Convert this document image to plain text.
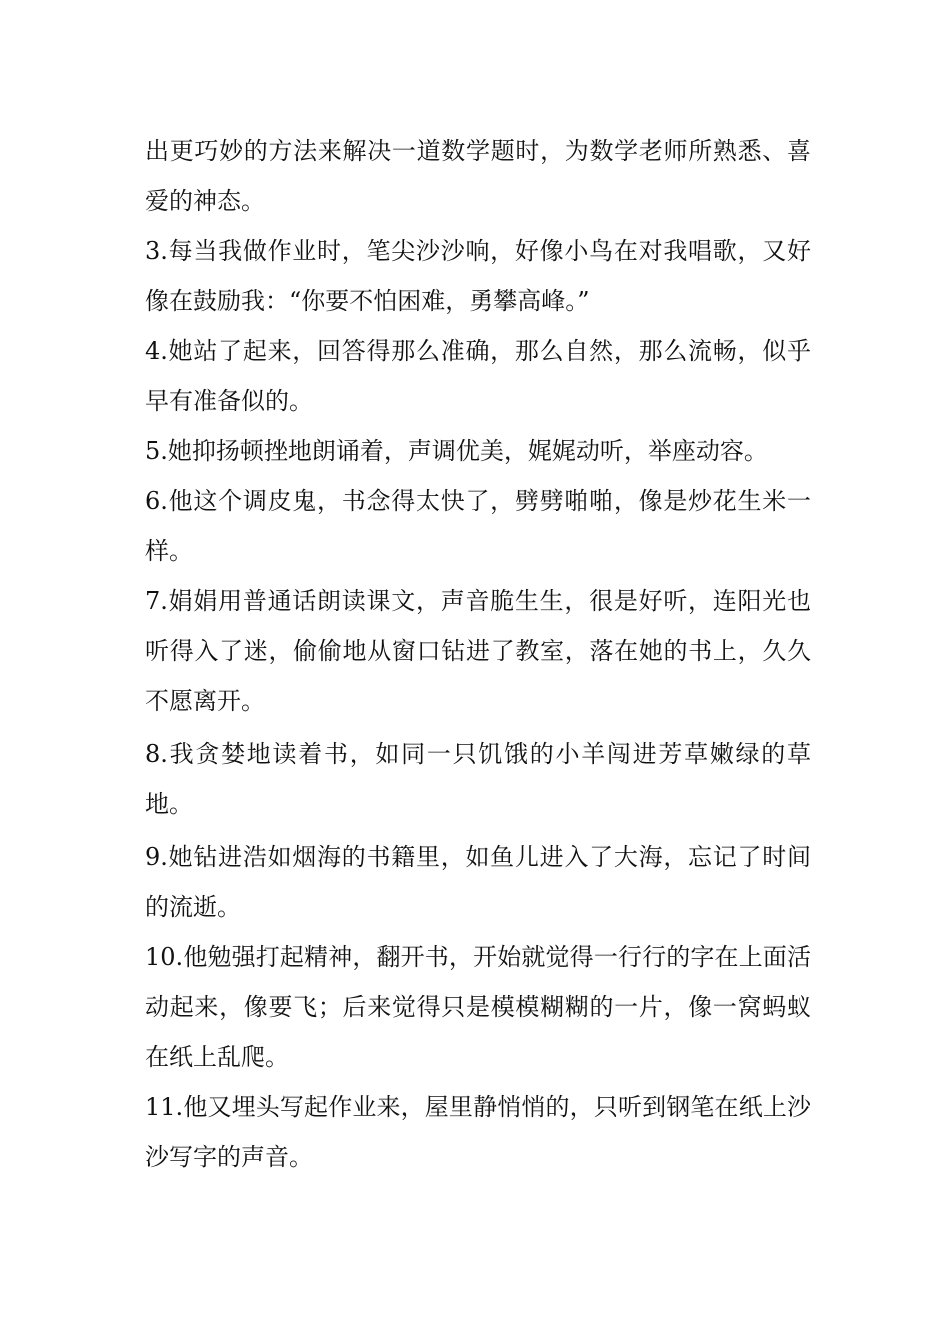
出更巧妙的方法来解决一道数学题时，为数学老师所熟悉、喜爱的神态。

3.每当我做作业时，笔尖沙沙响，好像小鸟在对我唱歌，又好像在鼓励我：“你要不怕困难，勇攀高峰。”

4.她站了起来，回答得那么准确，那么自然，那么流畅，似乎早有准备似的。

5.她抑扬顿挫地朗诵着，声调优美，娓娓动听，举座动容。

6.他这个调皮鬼，书念得太快了，劈劈啪啪，像是炒花生米一样。

7.娟娟用普通话朗读课文，声音脆生生，很是好听，连阳光也听得入了迷，偷偷地从窗口钻进了教室，落在她的书上，久久不愿离开。

8.我贪婪地读着书，如同一只饥饿的小羊闯进芳草嫩绿的草地。

9.她钻进浩如烟海的书籍里，如鱼儿进入了大海，忘记了时间的流逝。

10.他勉强打起精神，翻开书，开始就觉得一行行的字在上面活动起来，像要飞；后来觉得只是模模糊糊的一片，像一窝蚂蚁在纸上乱爬。

11.他又埋头写起作业来，屋里静悄悄的，只听到钢笔在纸上沙沙写字的声音。
